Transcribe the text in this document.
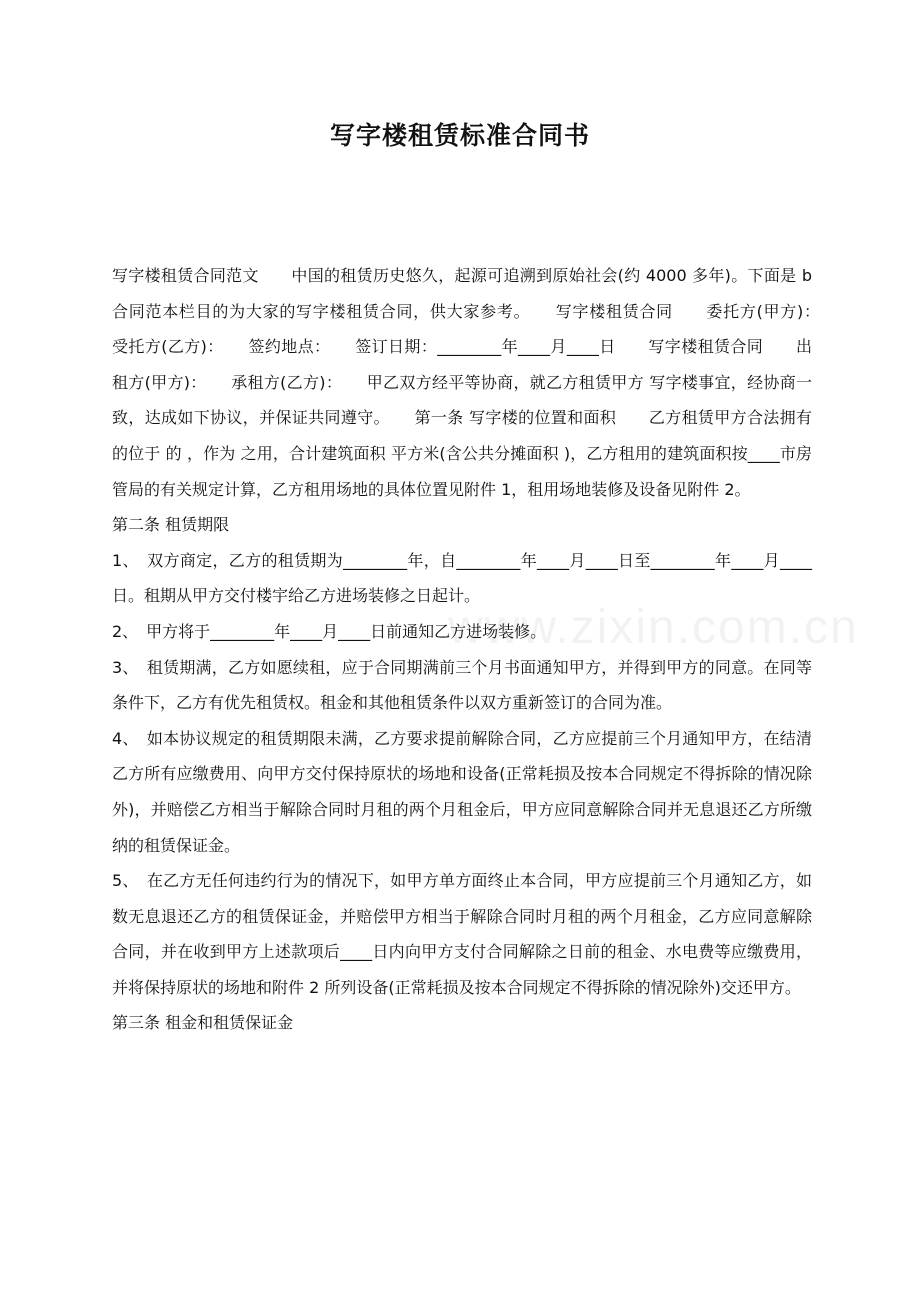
www.zixin.com.cn
写字楼租赁标准合同书

写字楼租赁合同范文　　中国的租赁历史悠久，起源可追溯到原始社会(约 4000 多年)。下面是 b 合同范本栏目的为大家的写字楼租赁合同，供大家参考。　　写字楼租赁合同　　委托方(甲方)：　　受托方(乙方)：　　签约地点：　　签订日期：________年____月____日　　写字楼租赁合同　　出租方(甲方)：　　承租方(乙方)：　　甲乙双方经平等协商，就乙方租赁甲方 写字楼事宜，经协商一致，达成如下协议，并保证共同遵守。　　第一条 写字楼的位置和面积　　乙方租赁甲方合法拥有的位于 的 ，作为 之用，合计建筑面积 平方米(含公共分摊面积 )，乙方租用的建筑面积按____市房管局的有关规定计算，乙方租用场地的具体位置见附件 1，租用场地装修及设备见附件 2。

第二条 租赁期限

1、　双方商定，乙方的租赁期为________年，自________年____月____日至________年____月____日。租期从甲方交付楼宇给乙方进场装修之日起计。

2、　甲方将于________年____月____日前通知乙方进场装修。

3、　租赁期满，乙方如愿续租，应于合同期满前三个月书面通知甲方，并得到甲方的同意。在同等条件下，乙方有优先租赁权。租金和其他租赁条件以双方重新签订的合同为准。

4、　如本协议规定的租赁期限未满，乙方要求提前解除合同，乙方应提前三个月通知甲方，在结清乙方所有应缴费用、向甲方交付保持原状的场地和设备(正常耗损及按本合同规定不得拆除的情况除外)，并赔偿乙方相当于解除合同时月租的两个月租金后，甲方应同意解除合同并无息退还乙方所缴纳的租赁保证金。

5、　在乙方无任何违约行为的情况下，如甲方单方面终止本合同，甲方应提前三个月通知乙方，如数无息退还乙方的租赁保证金，并赔偿甲方相当于解除合同时月租的两个月租金，乙方应同意解除合同，并在收到甲方上述款项后____日内向甲方支付合同解除之日前的租金、水电费等应缴费用，并将保持原状的场地和附件 2 所列设备(正常耗损及按本合同规定不得拆除的情况除外)交还甲方。

第三条 租金和租赁保证金
